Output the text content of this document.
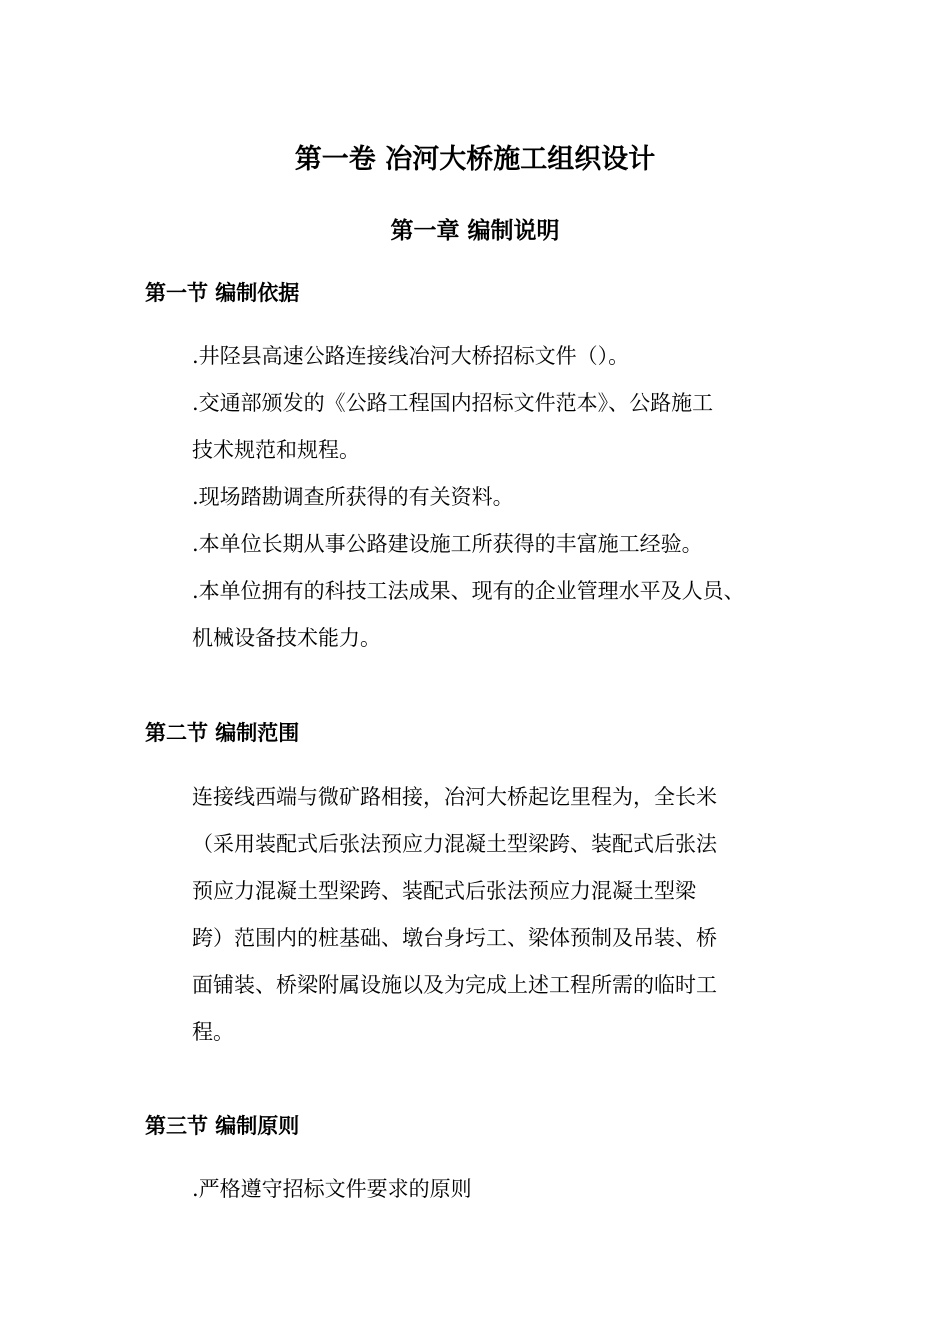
第一卷 冶河大桥施工组织设计
第一章 编制说明
第一节 编制依据
.井陉县高速公路连接线冶河大桥招标文件（）。
.交通部颁发的《公路工程国内招标文件范本》、公路施工
技术规范和规程。
.现场踏勘调查所获得的有关资料。
.本单位长期从事公路建设施工所获得的丰富施工经验。
.本单位拥有的科技工法成果、现有的企业管理水平及人员、
机械设备技术能力。
第二节 编制范围
连接线西端与微矿路相接，冶河大桥起讫里程为，全长米
（采用装配式后张法预应力混凝土型梁跨、装配式后张法
预应力混凝土型梁跨、装配式后张法预应力混凝土型梁
跨）范围内的桩基础、墩台身圬工、梁体预制及吊装、桥
面铺装、桥梁附属设施以及为完成上述工程所需的临时工
程。
第三节 编制原则
.严格遵守招标文件要求的原则
